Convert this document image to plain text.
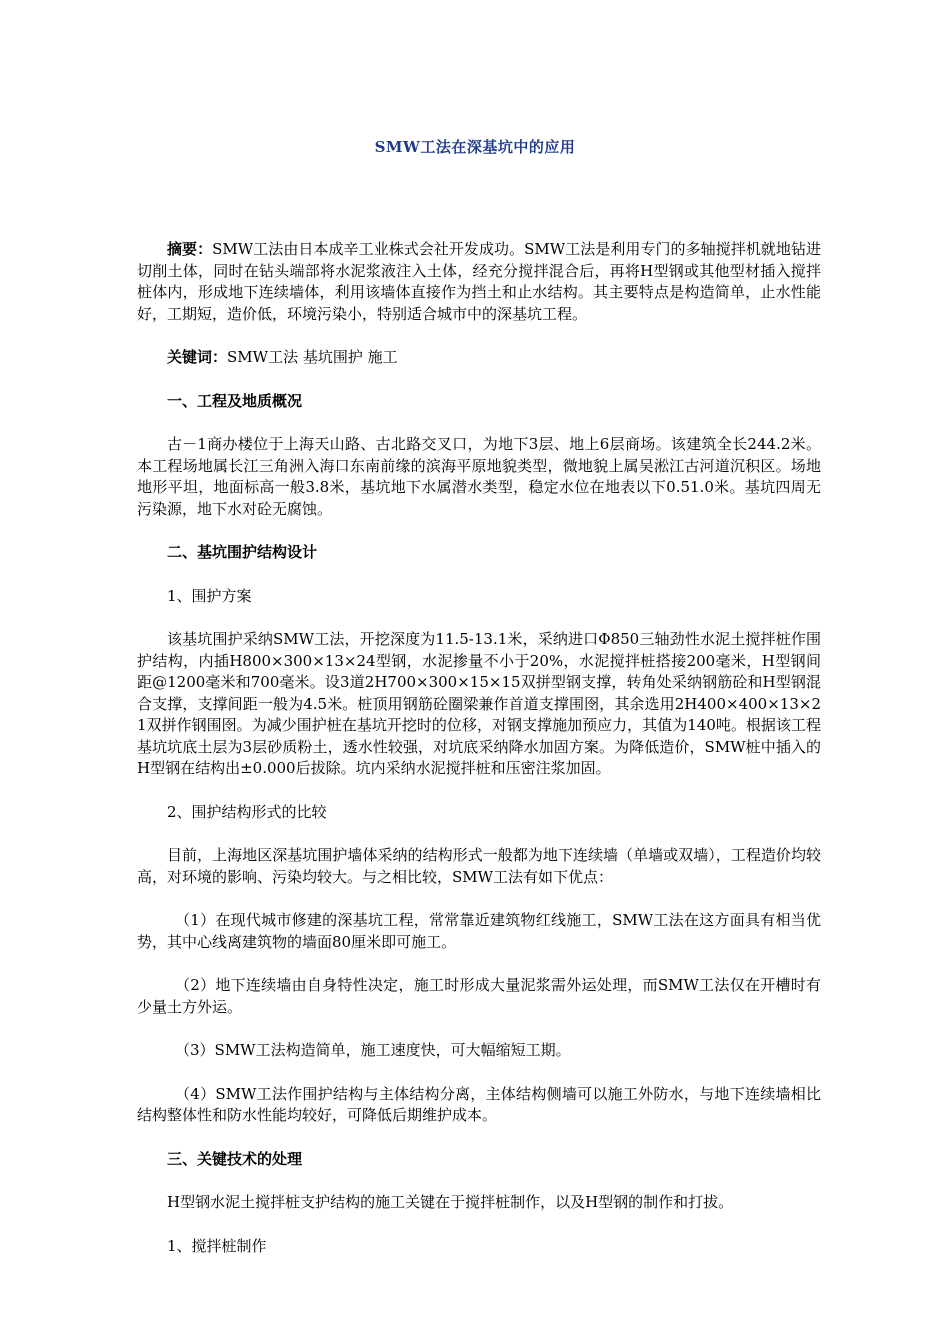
SMW工法在深基坑中的应用

摘要：SMW工法由日本成辛工业株式会社开发成功。SMW工法是利用专门的多轴搅拌机就地钻进切削土体，同时在钻头端部将水泥浆液注入土体，经充分搅拌混合后，再将H型钢或其他型材插入搅拌桩体内，形成地下连续墙体，利用该墙体直接作为挡土和止水结构。其主要特点是构造简单，止水性能好，工期短，造价低，环境污染小，特别适合城市中的深基坑工程。

关键词：SMW工法 基坑围护 施工

一、工程及地质概况

古－1商办楼位于上海天山路、古北路交叉口，为地下3层、地上6层商场。该建筑全长244.2米。本工程场地属长江三角洲入海口东南前缘的滨海平原地貌类型，微地貌上属吴淞江古河道沉积区。场地地形平坦，地面标高一般3.8米，基坑地下水属潜水类型，稳定水位在地表以下0.51.0米。基坑四周无污染源，地下水对砼无腐蚀。

二、基坑围护结构设计

1、围护方案

该基坑围护采纳SMW工法，开挖深度为11.5-13.1米，采纳进口Φ850三轴劲性水泥土搅拌桩作围护结构，内插H800×300×13×24型钢，水泥掺量不小于20%，水泥搅拌桩搭接200毫米，H型钢间距@1200毫米和700毫米。设3道2H700×300×15×15双拼型钢支撑，转角处采纳钢筋砼和H型钢混合支撑，支撑间距一般为4.5米。桩顶用钢筋砼圈梁兼作首道支撑围囹，其余选用2H400×400×13×21双拼作钢围囹。为减少围护桩在基坑开挖时的位移，对钢支撑施加预应力，其值为140吨。根据该工程基坑坑底土层为3层砂质粉土，透水性较强，对坑底采纳降水加固方案。为降低造价，SMW桩中插入的H型钢在结构出±0.000后拔除。坑内采纳水泥搅拌桩和压密注浆加固。

2、围护结构形式的比较

目前，上海地区深基坑围护墙体采纳的结构形式一般都为地下连续墙（单墙或双墙），工程造价均较高，对环境的影响、污染均较大。与之相比较，SMW工法有如下优点：

（1）在现代城市修建的深基坑工程，常常靠近建筑物红线施工，SMW工法在这方面具有相当优势，其中心线离建筑物的墙面80厘米即可施工。

（2）地下连续墙由自身特性决定，施工时形成大量泥浆需外运处理，而SMW工法仅在开槽时有少量土方外运。

（3）SMW工法构造简单，施工速度快，可大幅缩短工期。

（4）SMW工法作围护结构与主体结构分离，主体结构侧墙可以施工外防水，与地下连续墙相比结构整体性和防水性能均较好，可降低后期维护成本。

三、关键技术的处理

H型钢水泥土搅拌桩支护结构的施工关键在于搅拌桩制作，以及H型钢的制作和打拔。

1、搅拌桩制作
